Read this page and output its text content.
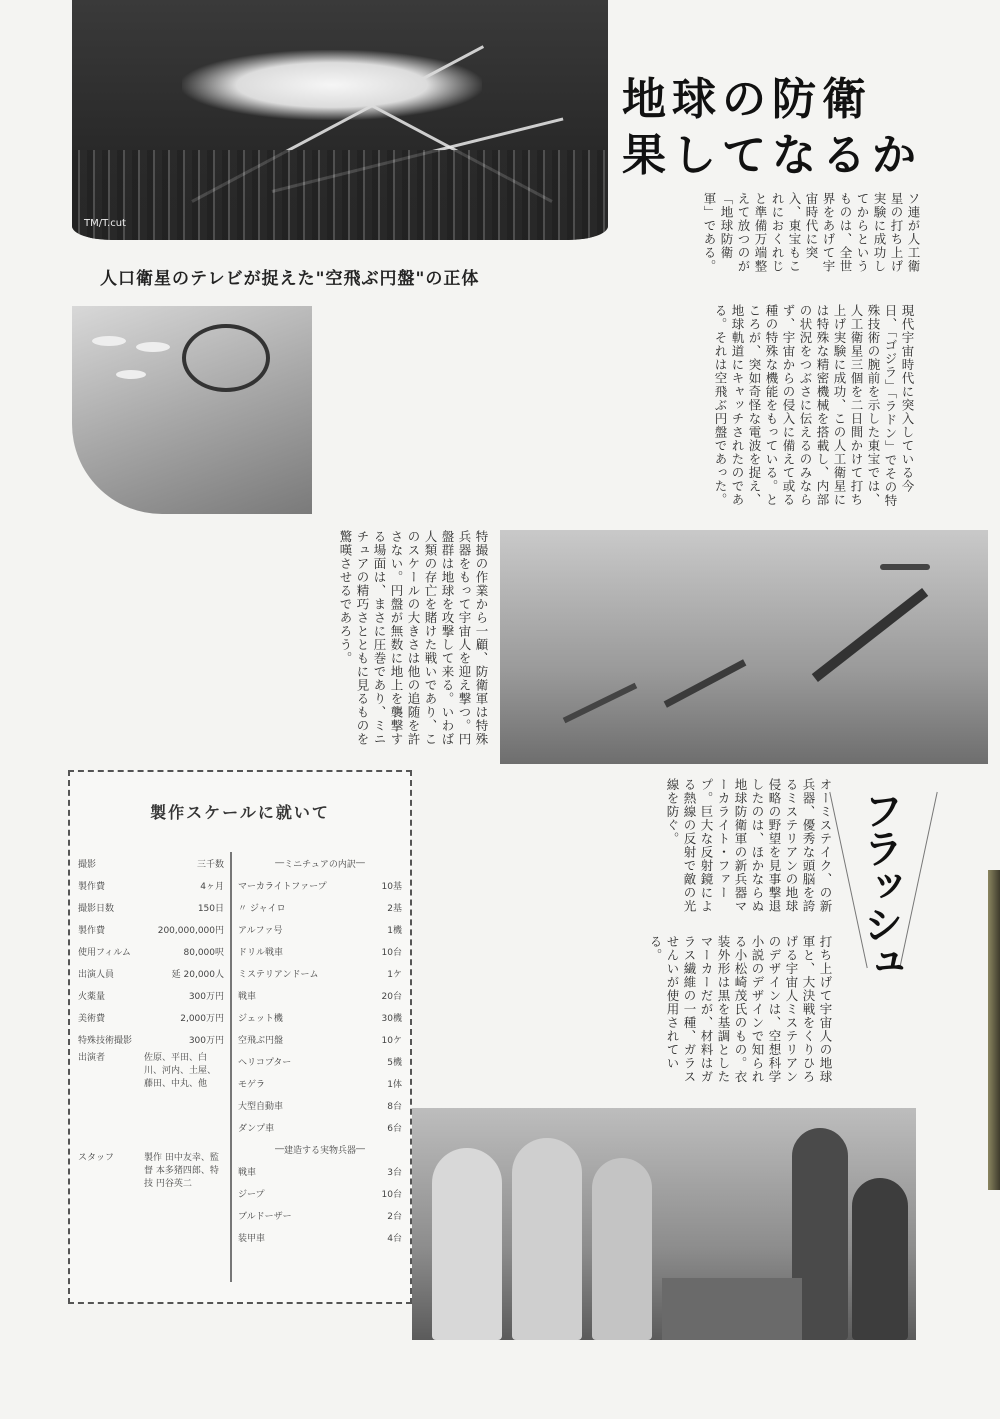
TM/T.cut
地球の防衛
果してなるか
ソ連が人工衛星の打ち上げ実験に成功してからというものは、全世界をあげて宇宙時代に突入、東宝もこれにおくれじと準備万端整えて放つのが「地球防衛軍」である。
人口衛星のテレビが捉えた"空飛ぶ円盤"の正体
現代宇宙時代に突入している今日、「ゴジラ」「ラドン」でその特殊技術の腕前を示した東宝では、人工衛星三個を二日間かけて打ち上げ実験に成功、この人工衛星には特殊な精密機械を搭載し、内部の状況をつぶさに伝えるのみならず、宇宙からの侵入に備えて或る種の特殊な機能をもっている。ところが、突如奇怪な電波を捉え、地球軌道にキャッチされたのである。それは空飛ぶ円盤であった。
特撮の作業から一顧、防衛軍は特殊兵器をもって宇宙人を迎え撃つ。円盤群は地球を攻撃して来る。いわば人類の存亡を賭けた戦いであり、このスケールの大きさは他の追随を許さない。円盤が無数に地上を襲撃する場面は、まさに圧巻であり、ミニチュアの精巧さとともに見るものを驚嘆させるであろう。
製作スケールに就いて
撮影	三千数
製作費	4ヶ月
撮影日数	150日
製作費	200,000,000円
使用フィルム	80,000呎
出演人員	延 20,000人
火薬量	300万円
美術費	2,000万円
特殊技術撮影	300万円
出演者	佐原、平田、白川、河内、土屋、藤田、中丸、他
スタッフ	製作 田中友幸、監督 本多猪四郎、特技 円谷英二
― ミニチュアの内訳 ―
マーカライトファープ	10基
〃 ジャイロ	2基
アルファ号	1機
ドリル戦車	10台
ミステリアンドーム	1ケ
戦車	20台
ジェット機	30機
空飛ぶ円盤	10ケ
ヘリコプター	5機
モゲラ	1体
大型自動車	8台
ダンプ車	6台
― 建造する実物兵器 ―
戦車	3台
ジープ	10台
ブルドーザー	2台
装甲車	4台
オーミステイク、の新兵器、優秀な頭脳を誇るミステリアンの地球侵略の野望を見事撃退したのは、ほかならぬ地球防衛軍の新兵器マーカライト・ファープ。巨大な反射鏡による熱線の反射で敵の光線を防ぐ。	フラッシュ
打ち上げて宇宙人の地球軍と、大決戦をくりひろげる宇宙人ミステリアンのデザインは、空想科学小説のデザインで知られる小松崎茂氏のもの。衣装外形は黒を基調としたマーカーだが、材料はガラス繊維の一種、ガラスせんいが使用されている。
